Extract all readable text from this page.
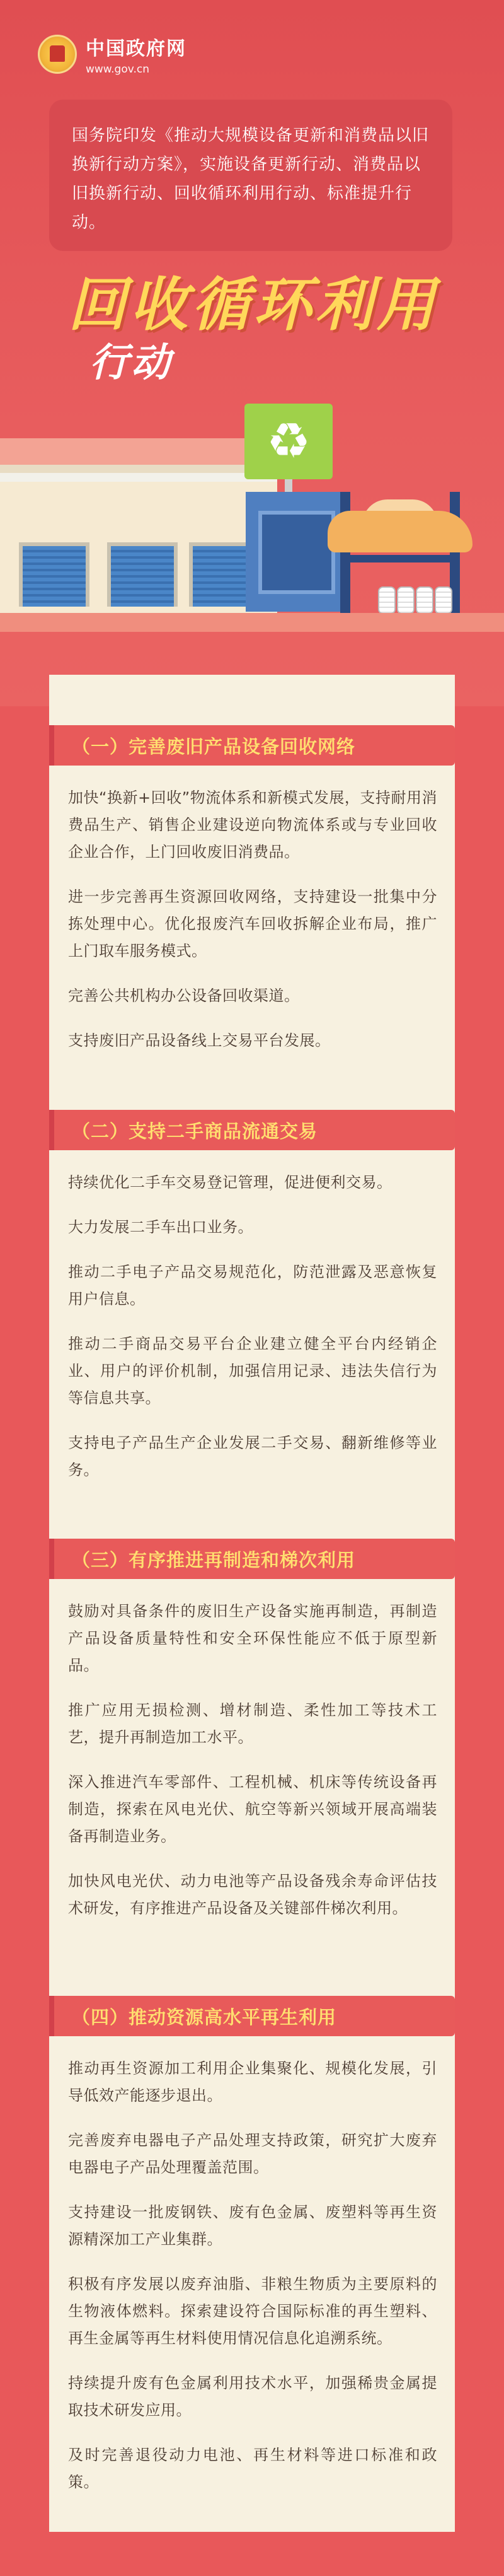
中国政府网
www.gov.cn
国务院印发《推动大规模设备更新和消费品以旧换新行动方案》，实施设备更新行动、消费品以旧换新行动、回收循环利用行动、标准提升行动。
回收循环利用
行动
♻
（一）完善废旧产品设备回收网络

加快“换新+回收”物流体系和新模式发展，支持耐用消费品生产、销售企业建设逆向物流体系或与专业回收企业合作，上门回收废旧消费品。

进一步完善再生资源回收网络，支持建设一批集中分拣处理中心。优化报废汽车回收拆解企业布局，推广上门取车服务模式。

完善公共机构办公设备回收渠道。

支持废旧产品设备线上交易平台发展。

（二）支持二手商品流通交易

持续优化二手车交易登记管理，促进便利交易。

大力发展二手车出口业务。

推动二手电子产品交易规范化，防范泄露及恶意恢复用户信息。

推动二手商品交易平台企业建立健全平台内经销企业、用户的评价机制，加强信用记录、违法失信行为等信息共享。

支持电子产品生产企业发展二手交易、翻新维修等业务。

（三）有序推进再制造和梯次利用

鼓励对具备条件的废旧生产设备实施再制造，再制造产品设备质量特性和安全环保性能应不低于原型新品。

推广应用无损检测、增材制造、柔性加工等技术工艺，提升再制造加工水平。

深入推进汽车零部件、工程机械、机床等传统设备再制造，探索在风电光伏、航空等新兴领域开展高端装备再制造业务。

加快风电光伏、动力电池等产品设备残余寿命评估技术研发，有序推进产品设备及关键部件梯次利用。

（四）推动资源高水平再生利用

推动再生资源加工利用企业集聚化、规模化发展，引导低效产能逐步退出。

完善废弃电器电子产品处理支持政策，研究扩大废弃电器电子产品处理覆盖范围。

支持建设一批废钢铁、废有色金属、废塑料等再生资源精深加工产业集群。

积极有序发展以废弃油脂、非粮生物质为主要原料的生物液体燃料。探索建设符合国际标准的再生塑料、再生金属等再生材料使用情况信息化追溯系统。

持续提升废有色金属利用技术水平，加强稀贵金属提取技术研发应用。

及时完善退役动力电池、再生材料等进口标准和政策。
